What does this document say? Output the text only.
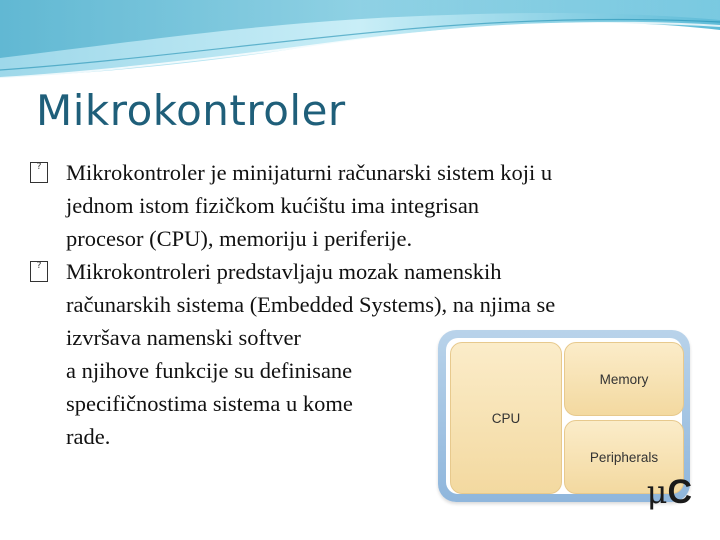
Mikrokontroler
? Mikrokontroler je minijaturni računarski sistem koji u
jednom istom fizičkom kućištu ima integrisan
procesor (CPU), memoriju i periferije.
? Mikrokontroleri predstavljaju mozak namenskih
računarskih sistema (Embedded Systems), na njima se
izvršava namenski softver
a njihove funkcije su definisane
specifičnostima sistema u kome
rade.
CPU
Memory
Peripherals
μC
